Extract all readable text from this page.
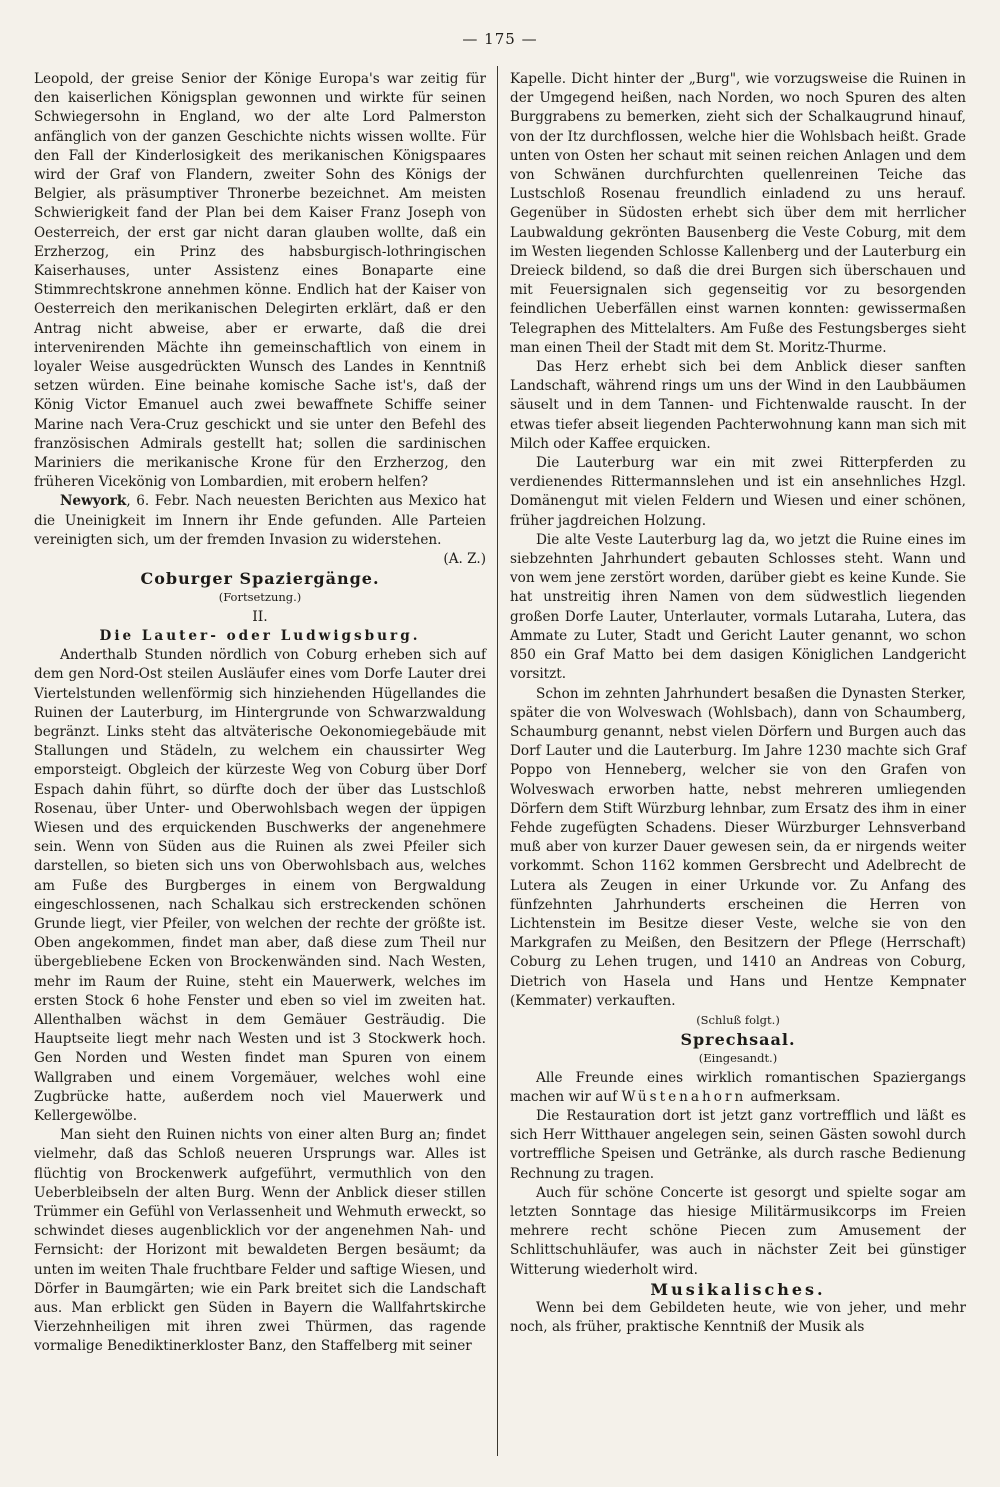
— 175 —

Leopold, der greise Senior der Könige Europa's war zeitig für den kaiserlichen Königsplan gewonnen und wirkte für seinen Schwiegersohn in England, wo der alte Lord Palmerston anfänglich von der ganzen Geschichte nichts wissen wollte. Für den Fall der Kinderlosigkeit des merikanischen Königspaares wird der Graf von Flandern, zweiter Sohn des Königs der Belgier, als präsumptiver Thronerbe bezeichnet. Am meisten Schwierigkeit fand der Plan bei dem Kaiser Franz Joseph von Oesterreich, der erst gar nicht daran glauben wollte, daß ein Erzherzog, ein Prinz des habsburgisch-lothringischen Kaiserhauses, unter Assistenz eines Bonaparte eine Stimmrechtskrone annehmen könne. Endlich hat der Kaiser von Oesterreich den merikanischen Delegirten erklärt, daß er den Antrag nicht abweise, aber er erwarte, daß die drei intervenirenden Mächte ihn gemeinschaftlich von einem in loyaler Weise ausgedrückten Wunsch des Landes in Kenntniß setzen würden. Eine beinahe komische Sache ist's, daß der König Victor Emanuel auch zwei bewaffnete Schiffe seiner Marine nach Vera-Cruz geschickt und sie unter den Befehl des französischen Admirals gestellt hat; sollen die sardinischen Mariniers die merikanische Krone für den Erzherzog, den früheren Vicekönig von Lombardien, mit erobern helfen?

Newyork, 6. Febr. Nach neuesten Berichten aus Mexico hat die Uneinigkeit im Innern ihr Ende gefunden. Alle Parteien vereinigten sich, um der fremden Invasion zu widerstehen.

(A. Z.)

Coburger Spaziergänge.

(Fortsetzung.)

II.

Die Lauter- oder Ludwigsburg.

Anderthalb Stunden nördlich von Coburg erheben sich auf dem gen Nord-Ost steilen Ausläufer eines vom Dorfe Lauter drei Viertelstunden wellenförmig sich hinziehenden Hügellandes die Ruinen der Lauterburg, im Hintergrunde von Schwarzwaldung begränzt. Links steht das altväterische Oekonomiegebäude mit Stallungen und Städeln, zu welchem ein chaussirter Weg emporsteigt. Obgleich der kürzeste Weg von Coburg über Dorf Espach dahin führt, so dürfte doch der über das Lustschloß Rosenau, über Unter- und Oberwohlsbach wegen der üppigen Wiesen und des erquickenden Buschwerks der angenehmere sein. Wenn von Süden aus die Ruinen als zwei Pfeiler sich darstellen, so bieten sich uns von Oberwohlsbach aus, welches am Fuße des Burgberges in einem von Bergwaldung eingeschlossenen, nach Schalkau sich erstreckenden schönen Grunde liegt, vier Pfeiler, von welchen der rechte der größte ist. Oben angekommen, findet man aber, daß diese zum Theil nur übergebliebene Ecken von Brockenwänden sind. Nach Westen, mehr im Raum der Ruine, steht ein Mauerwerk, welches im ersten Stock 6 hohe Fenster und eben so viel im zweiten hat. Allenthalben wächst in dem Gemäuer Gesträudig. Die Hauptseite liegt mehr nach Westen und ist 3 Stockwerk hoch. Gen Norden und Westen findet man Spuren von einem Wallgraben und einem Vorgemäuer, welches wohl eine Zugbrücke hatte, außerdem noch viel Mauerwerk und Kellergewölbe.

Man sieht den Ruinen nichts von einer alten Burg an; findet vielmehr, daß das Schloß neueren Ursprungs war. Alles ist flüchtig von Brockenwerk aufgeführt, vermuthlich von den Ueberbleibseln der alten Burg. Wenn der Anblick dieser stillen Trümmer ein Gefühl von Verlassenheit und Wehmuth erweckt, so schwindet dieses augenblicklich vor der angenehmen Nah- und Fernsicht: der Horizont mit bewaldeten Bergen besäumt; da unten im weiten Thale fruchtbare Felder und saftige Wiesen, und Dörfer in Baumgärten; wie ein Park breitet sich die Landschaft aus. Man erblickt gen Süden in Bayern die Wallfahrtskirche Vierzehnheiligen mit ihren zwei Thürmen, das ragende vormalige Benediktinerkloster Banz, den Staffelberg mit seiner

Kapelle. Dicht hinter der „Burg", wie vorzugsweise die Ruinen in der Umgegend heißen, nach Norden, wo noch Spuren des alten Burggrabens zu bemerken, zieht sich der Schalkaugrund hinauf, von der Itz durchflossen, welche hier die Wohlsbach heißt. Grade unten von Osten her schaut mit seinen reichen Anlagen und dem von Schwänen durchfurchten quellenreinen Teiche das Lustschloß Rosenau freundlich einladend zu uns herauf. Gegenüber in Südosten erhebt sich über dem mit herrlicher Laubwaldung gekrönten Bausenberg die Veste Coburg, mit dem im Westen liegenden Schlosse Kallenberg und der Lauterburg ein Dreieck bildend, so daß die drei Burgen sich überschauen und mit Feuersignalen sich gegenseitig vor zu besorgenden feindlichen Ueberfällen einst warnen konnten: gewissermaßen Telegraphen des Mittelalters. Am Fuße des Festungsberges sieht man einen Theil der Stadt mit dem St. Moritz-Thurme.

Das Herz erhebt sich bei dem Anblick dieser sanften Landschaft, während rings um uns der Wind in den Laubbäumen säuselt und in dem Tannen- und Fichtenwalde rauscht. In der etwas tiefer abseit liegenden Pachterwohnung kann man sich mit Milch oder Kaffee erquicken.

Die Lauterburg war ein mit zwei Ritterpferden zu verdienendes Rittermannslehen und ist ein ansehnliches Hzgl. Domänengut mit vielen Feldern und Wiesen und einer schönen, früher jagdreichen Holzung.

Die alte Veste Lauterburg lag da, wo jetzt die Ruine eines im siebzehnten Jahrhundert gebauten Schlosses steht. Wann und von wem jene zerstört worden, darüber giebt es keine Kunde. Sie hat unstreitig ihren Namen von dem südwestlich liegenden großen Dorfe Lauter, Unterlauter, vormals Lutaraha, Lutera, das Ammate zu Luter, Stadt und Gericht Lauter genannt, wo schon 850 ein Graf Matto bei dem dasigen Königlichen Landgericht vorsitzt.

Schon im zehnten Jahrhundert besaßen die Dynasten Sterker, später die von Wolveswach (Wohlsbach), dann von Schaumberg, Schaumburg genannt, nebst vielen Dörfern und Burgen auch das Dorf Lauter und die Lauterburg. Im Jahre 1230 machte sich Graf Poppo von Henneberg, welcher sie von den Grafen von Wolveswach erworben hatte, nebst mehreren umliegenden Dörfern dem Stift Würzburg lehnbar, zum Ersatz des ihm in einer Fehde zugefügten Schadens. Dieser Würzburger Lehnsverband muß aber von kurzer Dauer gewesen sein, da er nirgends weiter vorkommt. Schon 1162 kommen Gersbrecht und Adelbrecht de Lutera als Zeugen in einer Urkunde vor. Zu Anfang des fünfzehnten Jahrhunderts erscheinen die Herren von Lichtenstein im Besitze dieser Veste, welche sie von den Markgrafen zu Meißen, den Besitzern der Pflege (Herrschaft) Coburg zu Lehen trugen, und 1410 an Andreas von Coburg, Dietrich von Hasela und Hans und Hentze Kempnater (Kemmater) verkauften.

(Schluß folgt.)

Sprechsaal.

(Eingesandt.)

Alle Freunde eines wirklich romantischen Spaziergangs machen wir auf Wüstenahorn aufmerksam.

Die Restauration dort ist jetzt ganz vortrefflich und läßt es sich Herr Witthauer angelegen sein, seinen Gästen sowohl durch vortreffliche Speisen und Getränke, als durch rasche Bedienung Rechnung zu tragen.

Auch für schöne Concerte ist gesorgt und spielte sogar am letzten Sonntage das hiesige Militärmusikcorps im Freien mehrere recht schöne Piecen zum Amusement der Schlittschuhläufer, was auch in nächster Zeit bei günstiger Witterung wiederholt wird.

Musikalisches.

Wenn bei dem Gebildeten heute, wie von jeher, und mehr noch, als früher, praktische Kenntniß der Musik als
